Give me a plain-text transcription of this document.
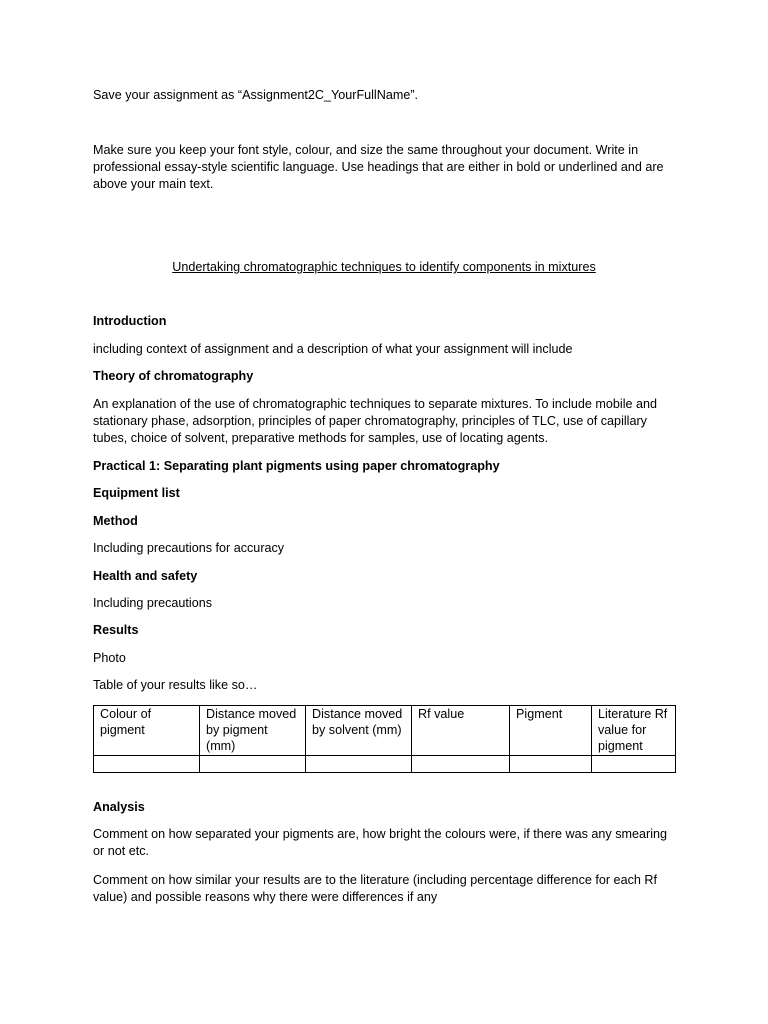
Save your assignment as “Assignment2C_YourFullName”.

Make sure you keep your font style, colour, and size the same throughout your document. Write in professional essay-style scientific language. Use headings that are either in bold or underlined and are above your main text.

Undertaking chromatographic techniques to identify components in mixtures

Introduction

including context of assignment and a description of what your assignment will include

Theory of chromatography

An explanation of the use of chromatographic techniques to separate mixtures. To include mobile and stationary phase, adsorption, principles of paper chromatography, principles of TLC, use of capillary tubes, choice of solvent, preparative methods for samples, use of locating agents.

Practical 1: Separating plant pigments using paper chromatography

Equipment list

Method

Including precautions for accuracy

Health and safety

Including precautions

Results

Photo

Table of your results like so…

Colour of pigment	Distance moved by pigment (mm)	Distance moved by solvent (mm)	Rf value	Pigment	Literature Rf value for pigment

Analysis

Comment on how separated your pigments are, how bright the colours were, if there was any smearing or not etc.

Comment on how similar your results are to the literature (including percentage difference for each Rf value) and possible reasons why there were differences if any
